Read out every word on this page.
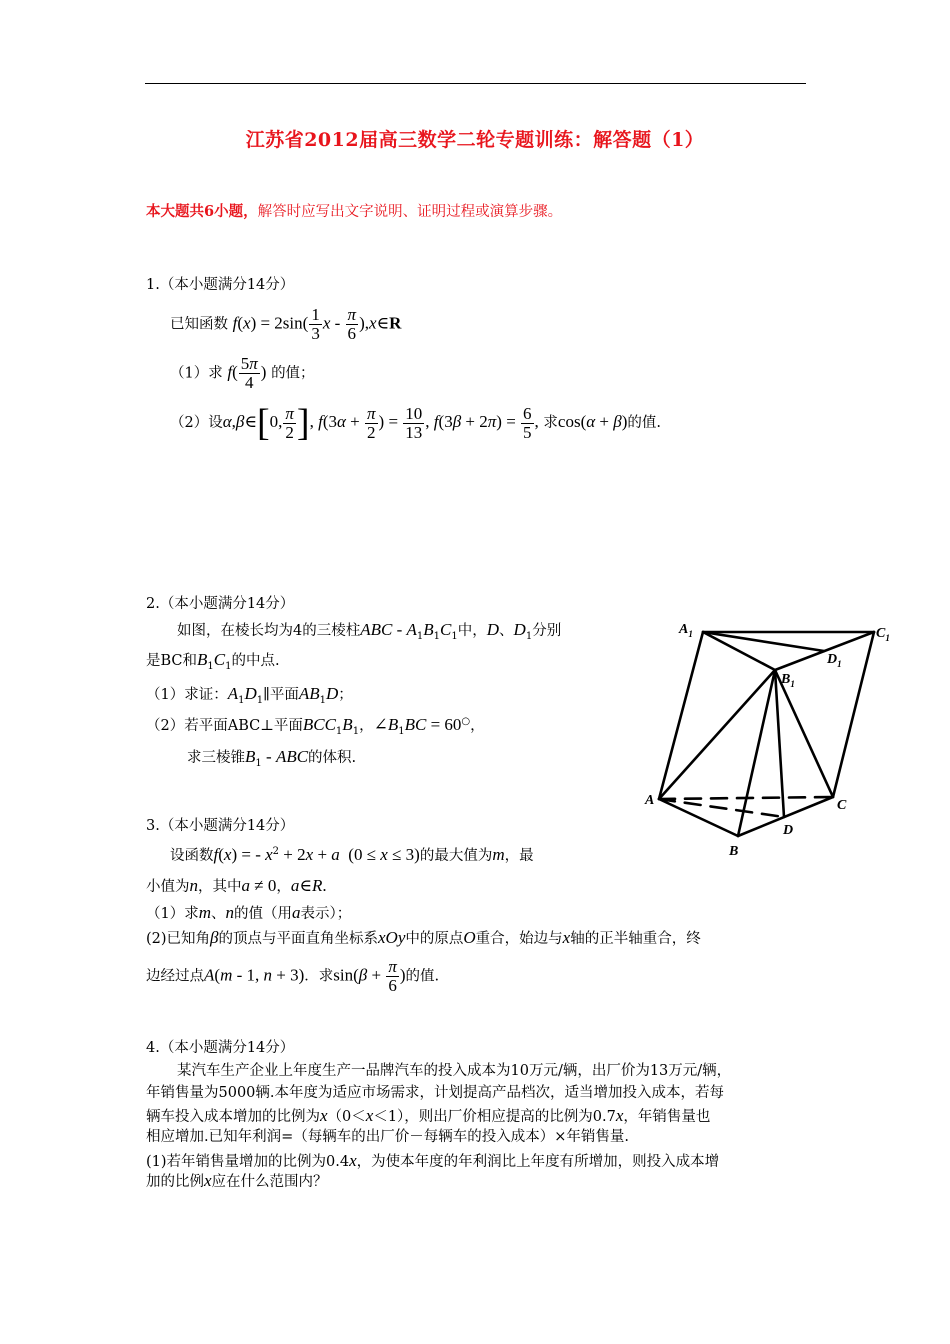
江苏省2012届高三数学二轮专题训练：解答题（1）
本大题共6小题，解答时应写出文字说明、证明过程或演算步骤。
1.（本小题满分14分）
已知函数 $f(x) = 2\sin( \frac{1}{3}$ x - $\frac{\pi}{6}$ ),x∈R
（1）求 $f( \frac{5\pi}{4}$ ) 的值；
（2）设α,β∈[0, $\frac{\pi}{2}$ ], $f(3\alpha + \frac{\pi}{2}$ ) = $\frac{10}{13}$ , $f(3\beta + 2\pi) = \frac{6}{5}$ , 求cos(α + β)的值.
2.（本小题满分14分）
如图，在棱长均为4的三棱柱ABC - $A_1B_1C_1$中，D、$D_1$分别
是BC和$B_1C_1$的中点.
（1）求证：$A_1D_1\parallel$平面$AB_1D$；
（2）若平面ABC⊥平面$BCC_1B_1$，$\angle B_1BC = 60^○$，
求三棱锥$B_1$ - ABC的体积.
$A_1$	$C_1$
$D_1$
$B_1$
A	C
D
B
3.（本小题满分14分）
设函数f(x) = - $x^2 + 2x + a$  (0 ≤ x ≤ 3)的最大值为m，最
小值为n，其中a ≠ 0，a∈R.
（1）求m、n的值（用a表示）；
(2)已知角β的顶点与平面直角坐标系xOy中的原点O重合，始边与x轴的正半轴重合，终
边经过点A(m - 1, n + 3)．求$\sin(\beta + \frac{\pi}{6}$ )的值.
4.（本小题满分14分）
某汽车生产企业上年度生产一品牌汽车的投入成本为10万元/辆，出厂价为13万元/辆，
年销售量为5000辆.本年度为适应市场需求，计划提高产品档次，适当增加投入成本，若每
辆车投入成本增加的比例为x（0＜x＜1），则出厂价相应提高的比例为0.7x，年销售量也
相应增加.已知年利润=（每辆车的出厂价－每辆车的投入成本）×年销售量.
(1)若年销售量增加的比例为0.4x，为使本年度的年利润比上年度有所增加，则投入成本增
加的比例x应在什么范围内？
